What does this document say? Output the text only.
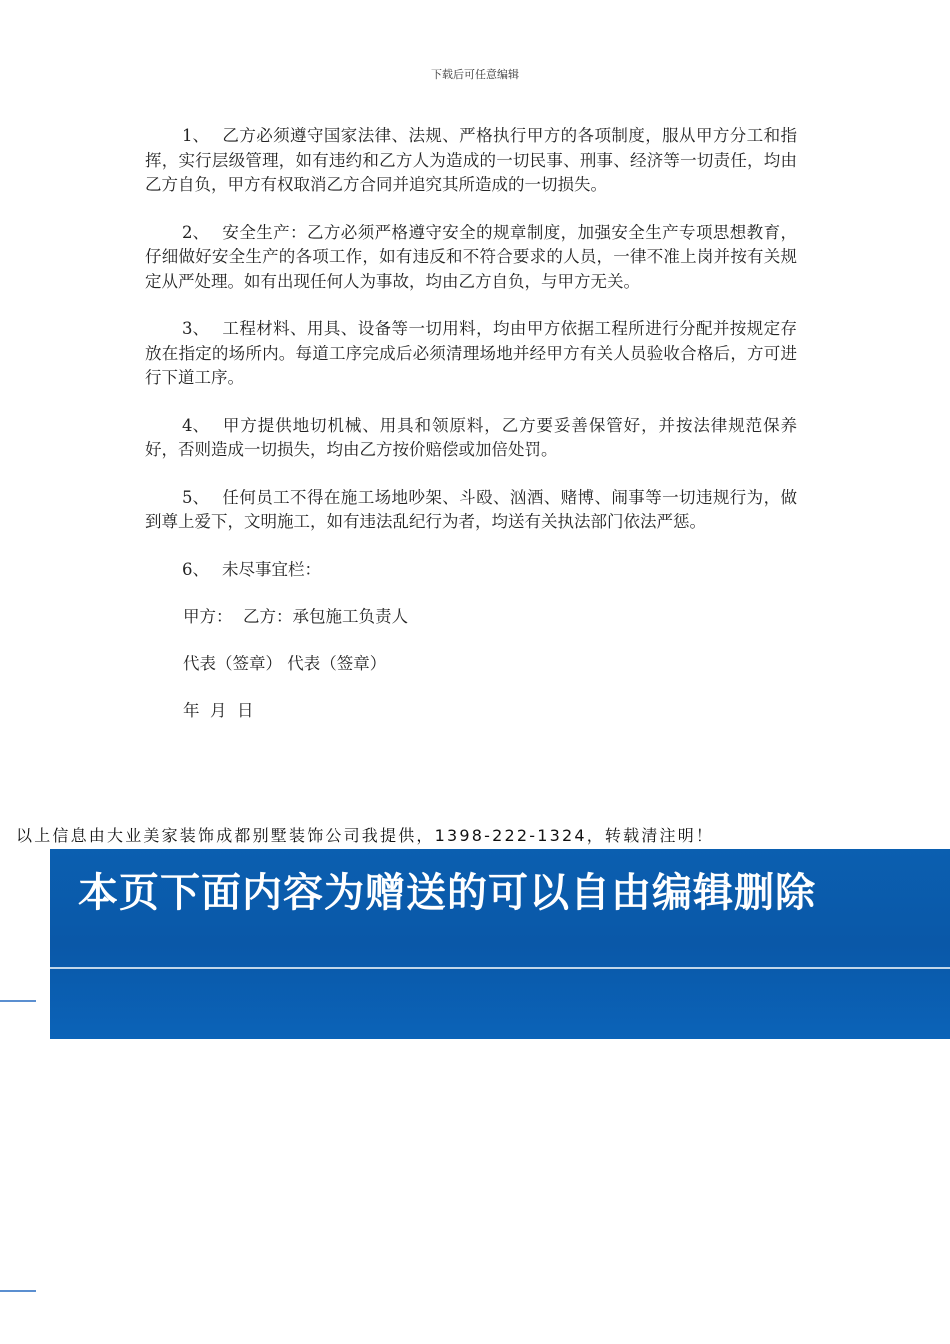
下载后可任意编辑

1、 乙方必须遵守国家法律、法规、严格执行甲方的各项制度，服从甲方分工和指挥，实行层级管理，如有违约和乙方人为造成的一切民事、刑事、经济等一切责任，均由乙方自负，甲方有权取消乙方合同并追究其所造成的一切损失。

2、 安全生产：乙方必须严格遵守安全的规章制度，加强安全生产专项思想教育，仔细做好安全生产的各项工作，如有违反和不符合要求的人员，一律不准上岗并按有关规定从严处理。如有出现任何人为事故，均由乙方自负，与甲方无关。

3、 工程材料、用具、设备等一切用料，均由甲方依据工程所进行分配并按规定存放在指定的场所内。每道工序完成后必须清理场地并经甲方有关人员验收合格后，方可进行下道工序。

4、 甲方提供地切机械、用具和领原料，乙方要妥善保管好，并按法律规范保养好，否则造成一切损失，均由乙方按价赔偿或加倍处罚。

5、 任何员工不得在施工场地吵架、斗殴、汹酒、赌博、闹事等一切违规行为，做到尊上爱下，文明施工，如有违法乱纪行为者，均送有关执法部门依法严惩。

6、 未尽事宜栏：

甲方：  乙方：承包施工负责人
代表（签章） 代表（签章）
年  月  日
以上信息由大业美家装饰成都别墅装饰公司我提供，1398-222-1324，转载清注明！
本页下面内容为赠送的可以自由编辑删除
